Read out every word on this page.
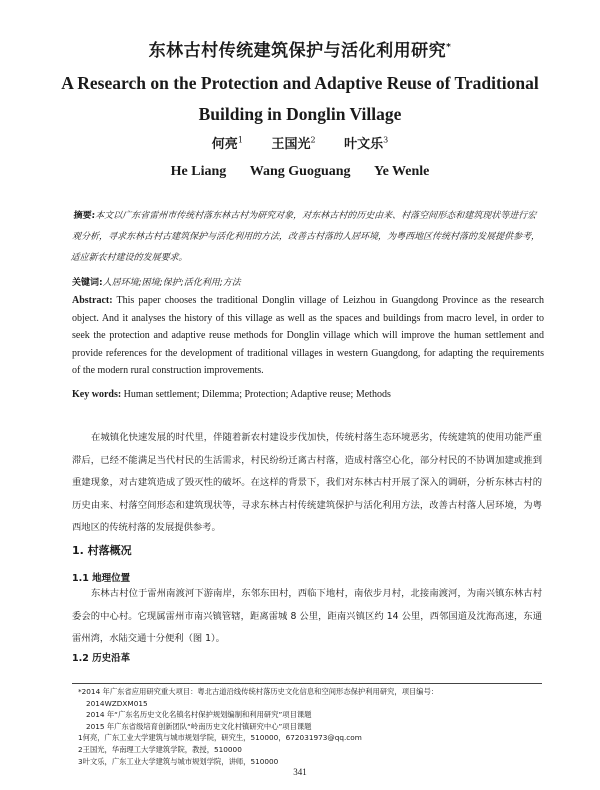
东林古村传统建筑保护与活化利用研究*
A Research on the Protection and Adaptive Reuse of Traditional Building in Donglin Village
何亮$^1$ 王国光$^2$ 叶文乐$^3$
He Liang Wang Guoguang Ye Wenle
摘要:本文以广东省雷州市传统村落东林古村为研究对象，对东林古村的历史由来、村落空间形态和建筑现状等进行宏观分析，寻求东林古村古建筑保护与活化利用的方法，改善古村落的人居环境，为粤西地区传统村落的发展提供参考，适应新农村建设的发展要求。
关键词:人居环境;困境;保护;活化利用;方法
Abstract: This paper chooses the traditional Donglin village of Leizhou in Guangdong Province as the research object. And it analyses the history of this village as well as the spaces and buildings from macro level, in order to seek the protection and adaptive reuse methods for Donglin village which will improve the human settlement and provide references for the development of traditional villages in western Guangdong, for adapting the requirements of the modern rural construction improvements.
Key words: Human settlement; Dilemma; Protection; Adaptive reuse; Methods
在城镇化快速发展的时代里，伴随着新农村建设步伐加快，传统村落生态环境恶劣，传统建筑的使用功能严重滞后，已经不能满足当代村民的生活需求，村民纷纷迁离古村落，造成村落空心化，部分村民的不协调加建或推到重建现象，对古建筑造成了毁灭性的破坏。在这样的背景下，我们对东林古村开展了深入的调研，分析东林古村的历史由来、村落空间形态和建筑现状等，寻求东林古村传统建筑保护与活化利用方法，改善古村落人居环境，为粤西地区的传统村落的发展提供参考。
1. 村落概况
1.1 地理位置
东林古村位于雷州南渡河下游南岸，东邻东田村，西临下地村，南依步月村，北接南渡河，为南兴镇东林古村委会的中心村。它现属雷州市南兴镇管辖，距离雷城 8 公里，距南兴镇区约 14 公里，西邻国道及沈海高速，东通雷州湾，水陆交通十分便利（图 1）。
1.2 历史沿革
*2014 年广东省应用研究重大项目：粤北古道沿线传统村落历史文化信息和空间形态保护利用研究，项目编号：
2014WZDXM015
2014 年“广东名历史文化名镇名村保护规划编制和利用研究”项目课题
2015 年广东省级培育创新团队“岭南历史文化村镇研究中心”项目课题
1何亮，广东工业大学建筑与城市规划学院，研究生，510000，672031973@qq.com
2王国光，华南理工大学建筑学院，教授，510000
3叶文乐，广东工业大学建筑与城市规划学院，讲师，510000
341
